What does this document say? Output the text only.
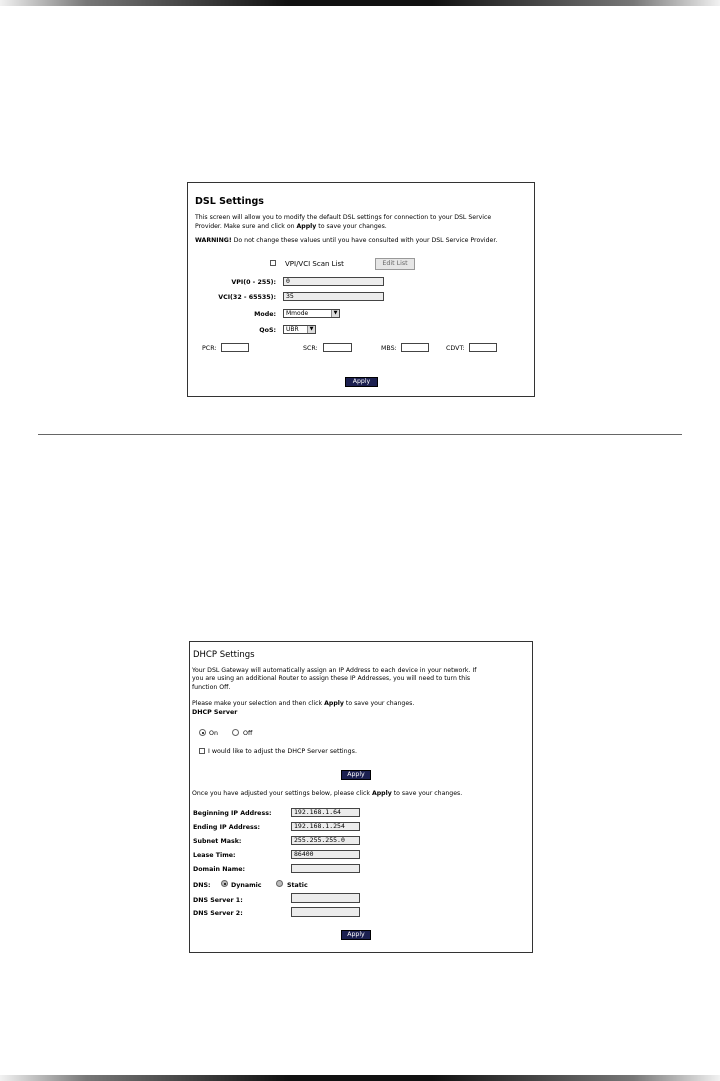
DSL Settings
This screen will allow you to modify the default DSL settings for connection to your DSL Service
Provider. Make sure and click on Apply to save your changes.
WARNING! Do not change these values until you have consulted with your DSL Service Provider.
VPI/VCI Scan List	Edit List
VPI(0 - 255):	0
VCI(32 - 65535):	35
Mode:	Mmode	▼
QoS:	UBR	▼
PCR:	SCR:	MBS:	CDVT:
Apply
DHCP Settings
Your DSL Gateway will automatically assign an IP Address to each device in your network. If
you are using an additional Router to assign these IP Addresses, you will need to turn this
function Off.
Please make your selection and then click Apply to save your changes.
DHCP Server
On	Off
I would like to adjust the DHCP Server settings.
Apply
Once you have adjusted your settings below, please click Apply to save your changes.
Beginning IP Address:	192.168.1.64
Ending IP Address:	192.168.1.254
Subnet Mask:	255.255.255.0
Lease Time:	86400
Domain Name:
DNS:	Dynamic	Static
DNS Server 1:
DNS Server 2:
Apply
